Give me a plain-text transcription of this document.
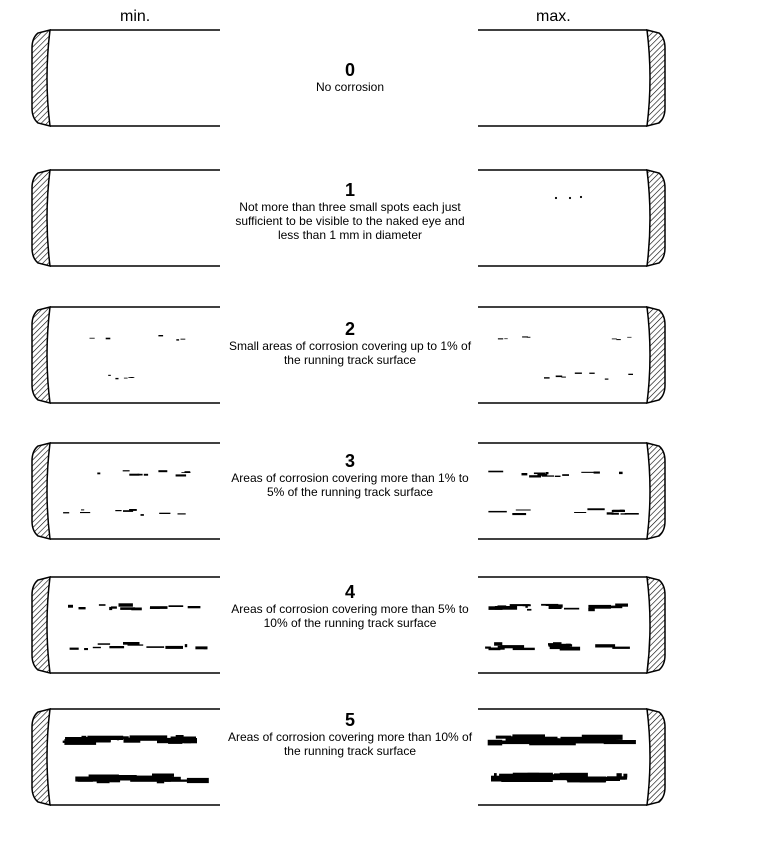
min.	max.
0
No corrosion
1
Not more than three small spots each just sufficient to be visible to the naked eye and less than 1 mm in diameter
2
Small areas of corrosion covering up to 1% of the running track surface
3
Areas of corrosion covering more than 1% to 5% of the running track surface
4
Areas of corrosion covering more than 5% to 10% of the running track surface
5
Areas of corrosion covering more than 10% of the running track surface
